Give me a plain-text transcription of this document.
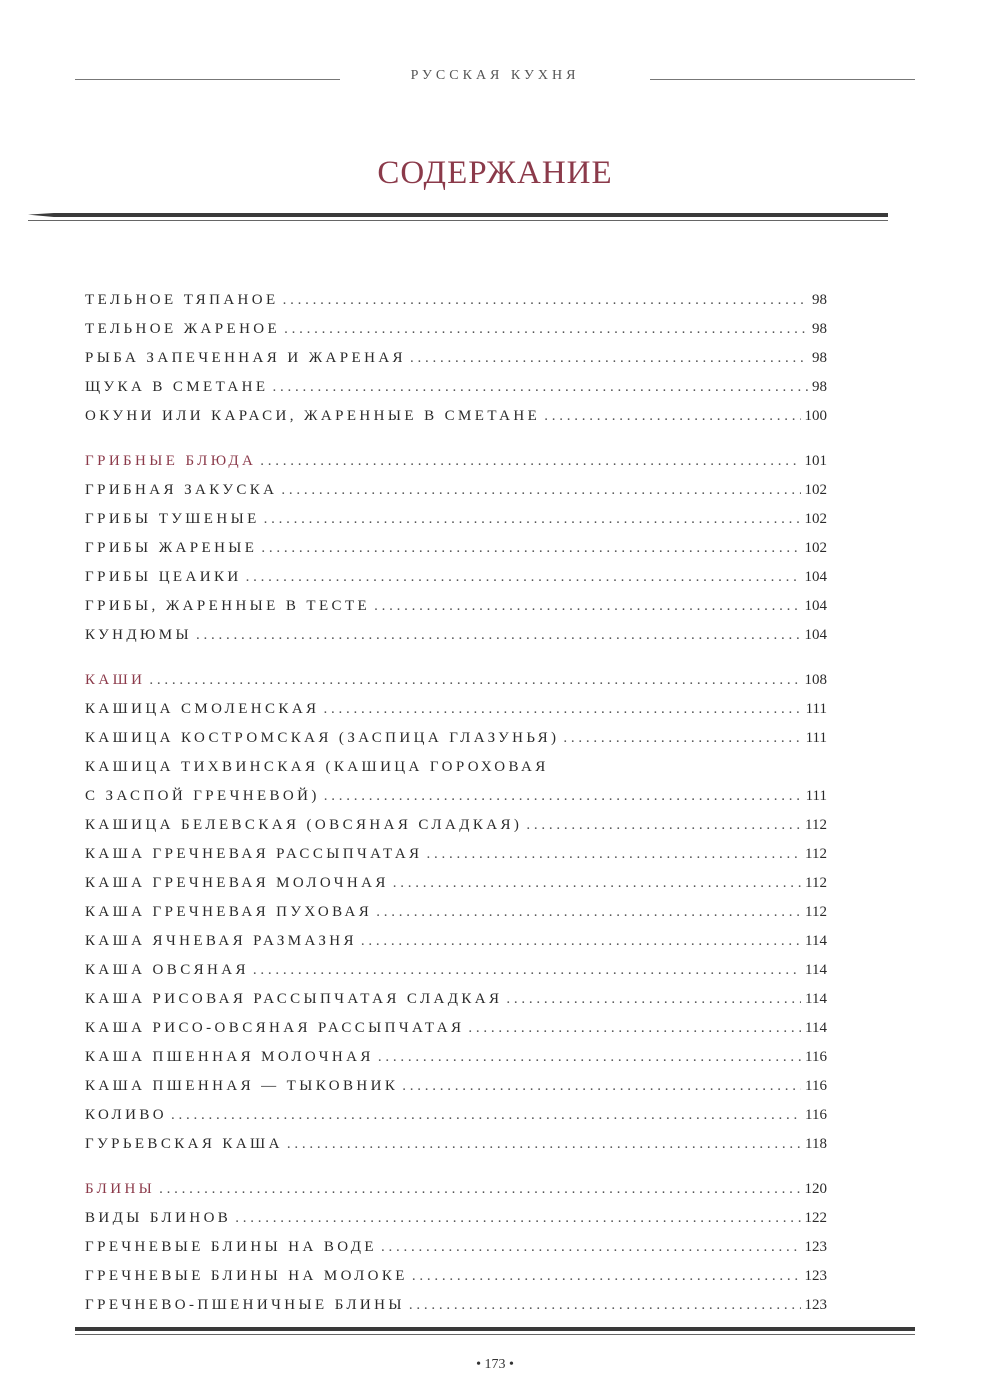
РУССКАЯ КУХНЯ
СОДЕРЖАНИЕ
ТЕЛЬНОЕ ТЯПАНОЕ . . .	98
ТЕЛЬНОЕ ЖАРЕНОЕ . . .	98
РЫБА ЗАПЕЧЕННАЯ И ЖАРЕНАЯ . . .	98
ЩУКА В СМЕТАНЕ . . .	98
ОКУНИ ИЛИ КАРАСИ, ЖАРЕННЫЕ В СМЕТАНЕ . . .	100
ГРИБНЫЕ БЛЮДА . . .	101
ГРИБНАЯ ЗАКУСКА . . .	102
ГРИБЫ ТУШЕНЫЕ . . .	102
ГРИБЫ ЖАРЕНЫЕ . . .	102
ГРИБЫ ЦЕАИКИ . . .	104
ГРИБЫ, ЖАРЕННЫЕ В ТЕСТЕ . . .	104
КУНДЮМЫ . . .	104
КАШИ . . .	108
КАШИЦА СМОЛЕНСКАЯ . . .	111
КАШИЦА КОСТРОМСКАЯ (ЗАСПИЦА ГЛАЗУНЬЯ) . . .	111
КАШИЦА ТИХВИНСКАЯ (КАШИЦА ГОРОХОВАЯ
С ЗАСПОЙ ГРЕЧНЕВОЙ) . . .	111
КАШИЦА БЕЛЕВСКАЯ (ОВСЯНАЯ СЛАДКАЯ) . . .	112
КАША ГРЕЧНЕВАЯ РАССЫПЧАТАЯ . . .	112
КАША ГРЕЧНЕВАЯ МОЛОЧНАЯ . . .	112
КАША ГРЕЧНЕВАЯ ПУХОВАЯ . . .	112
КАША ЯЧНЕВАЯ РАЗМАЗНЯ . . .	114
КАША ОВСЯНАЯ . . .	114
КАША РИСОВАЯ РАССЫПЧАТАЯ СЛАДКАЯ . . .	114
КАША РИСО-ОВСЯНАЯ РАССЫПЧАТАЯ . . .	114
КАША ПШЕННАЯ МОЛОЧНАЯ . . .	116
КАША ПШЕННАЯ — ТЫКОВНИК . . .	116
КОЛИВО . . .	116
ГУРЬЕВСКАЯ КАША . . .	118
БЛИНЫ . . .	120
ВИДЫ БЛИНОВ . . .	122
ГРЕЧНЕВЫЕ БЛИНЫ НА ВОДЕ . . .	123
ГРЕЧНЕВЫЕ БЛИНЫ НА МОЛОКЕ . . .	123
ГРЕЧНЕВО-ПШЕНИЧНЫЕ БЛИНЫ . . .	123
• 173 •
